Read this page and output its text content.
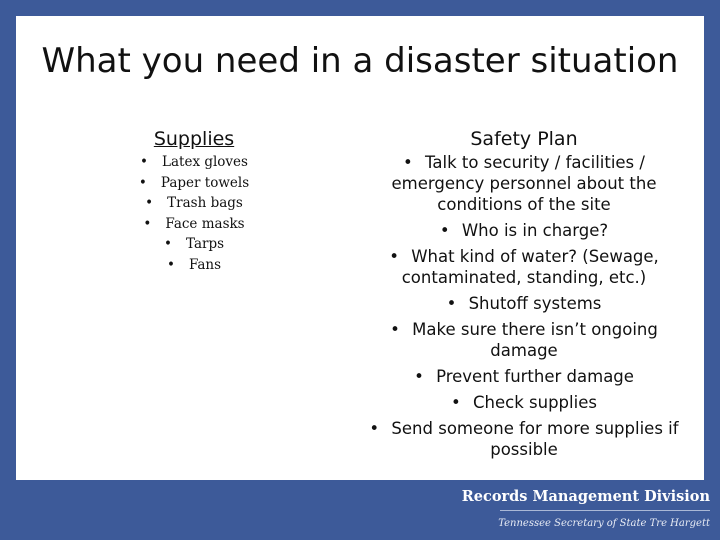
What you need in a disaster situation
Supplies
• Latex gloves
• Paper towels
• Trash bags
• Face masks
• Tarps
• Fans
Safety Plan
• Talk to security / facilities / emergency personnel about the conditions of the site
• Who is in charge?
• What kind of water? (Sewage, contaminated, standing, etc.)
• Shutoff systems
• Make sure there isn’t ongoing damage
• Prevent further damage
• Check supplies
• Send someone for more supplies if possible
Records Management Division
Tennessee Secretary of State Tre Hargett
